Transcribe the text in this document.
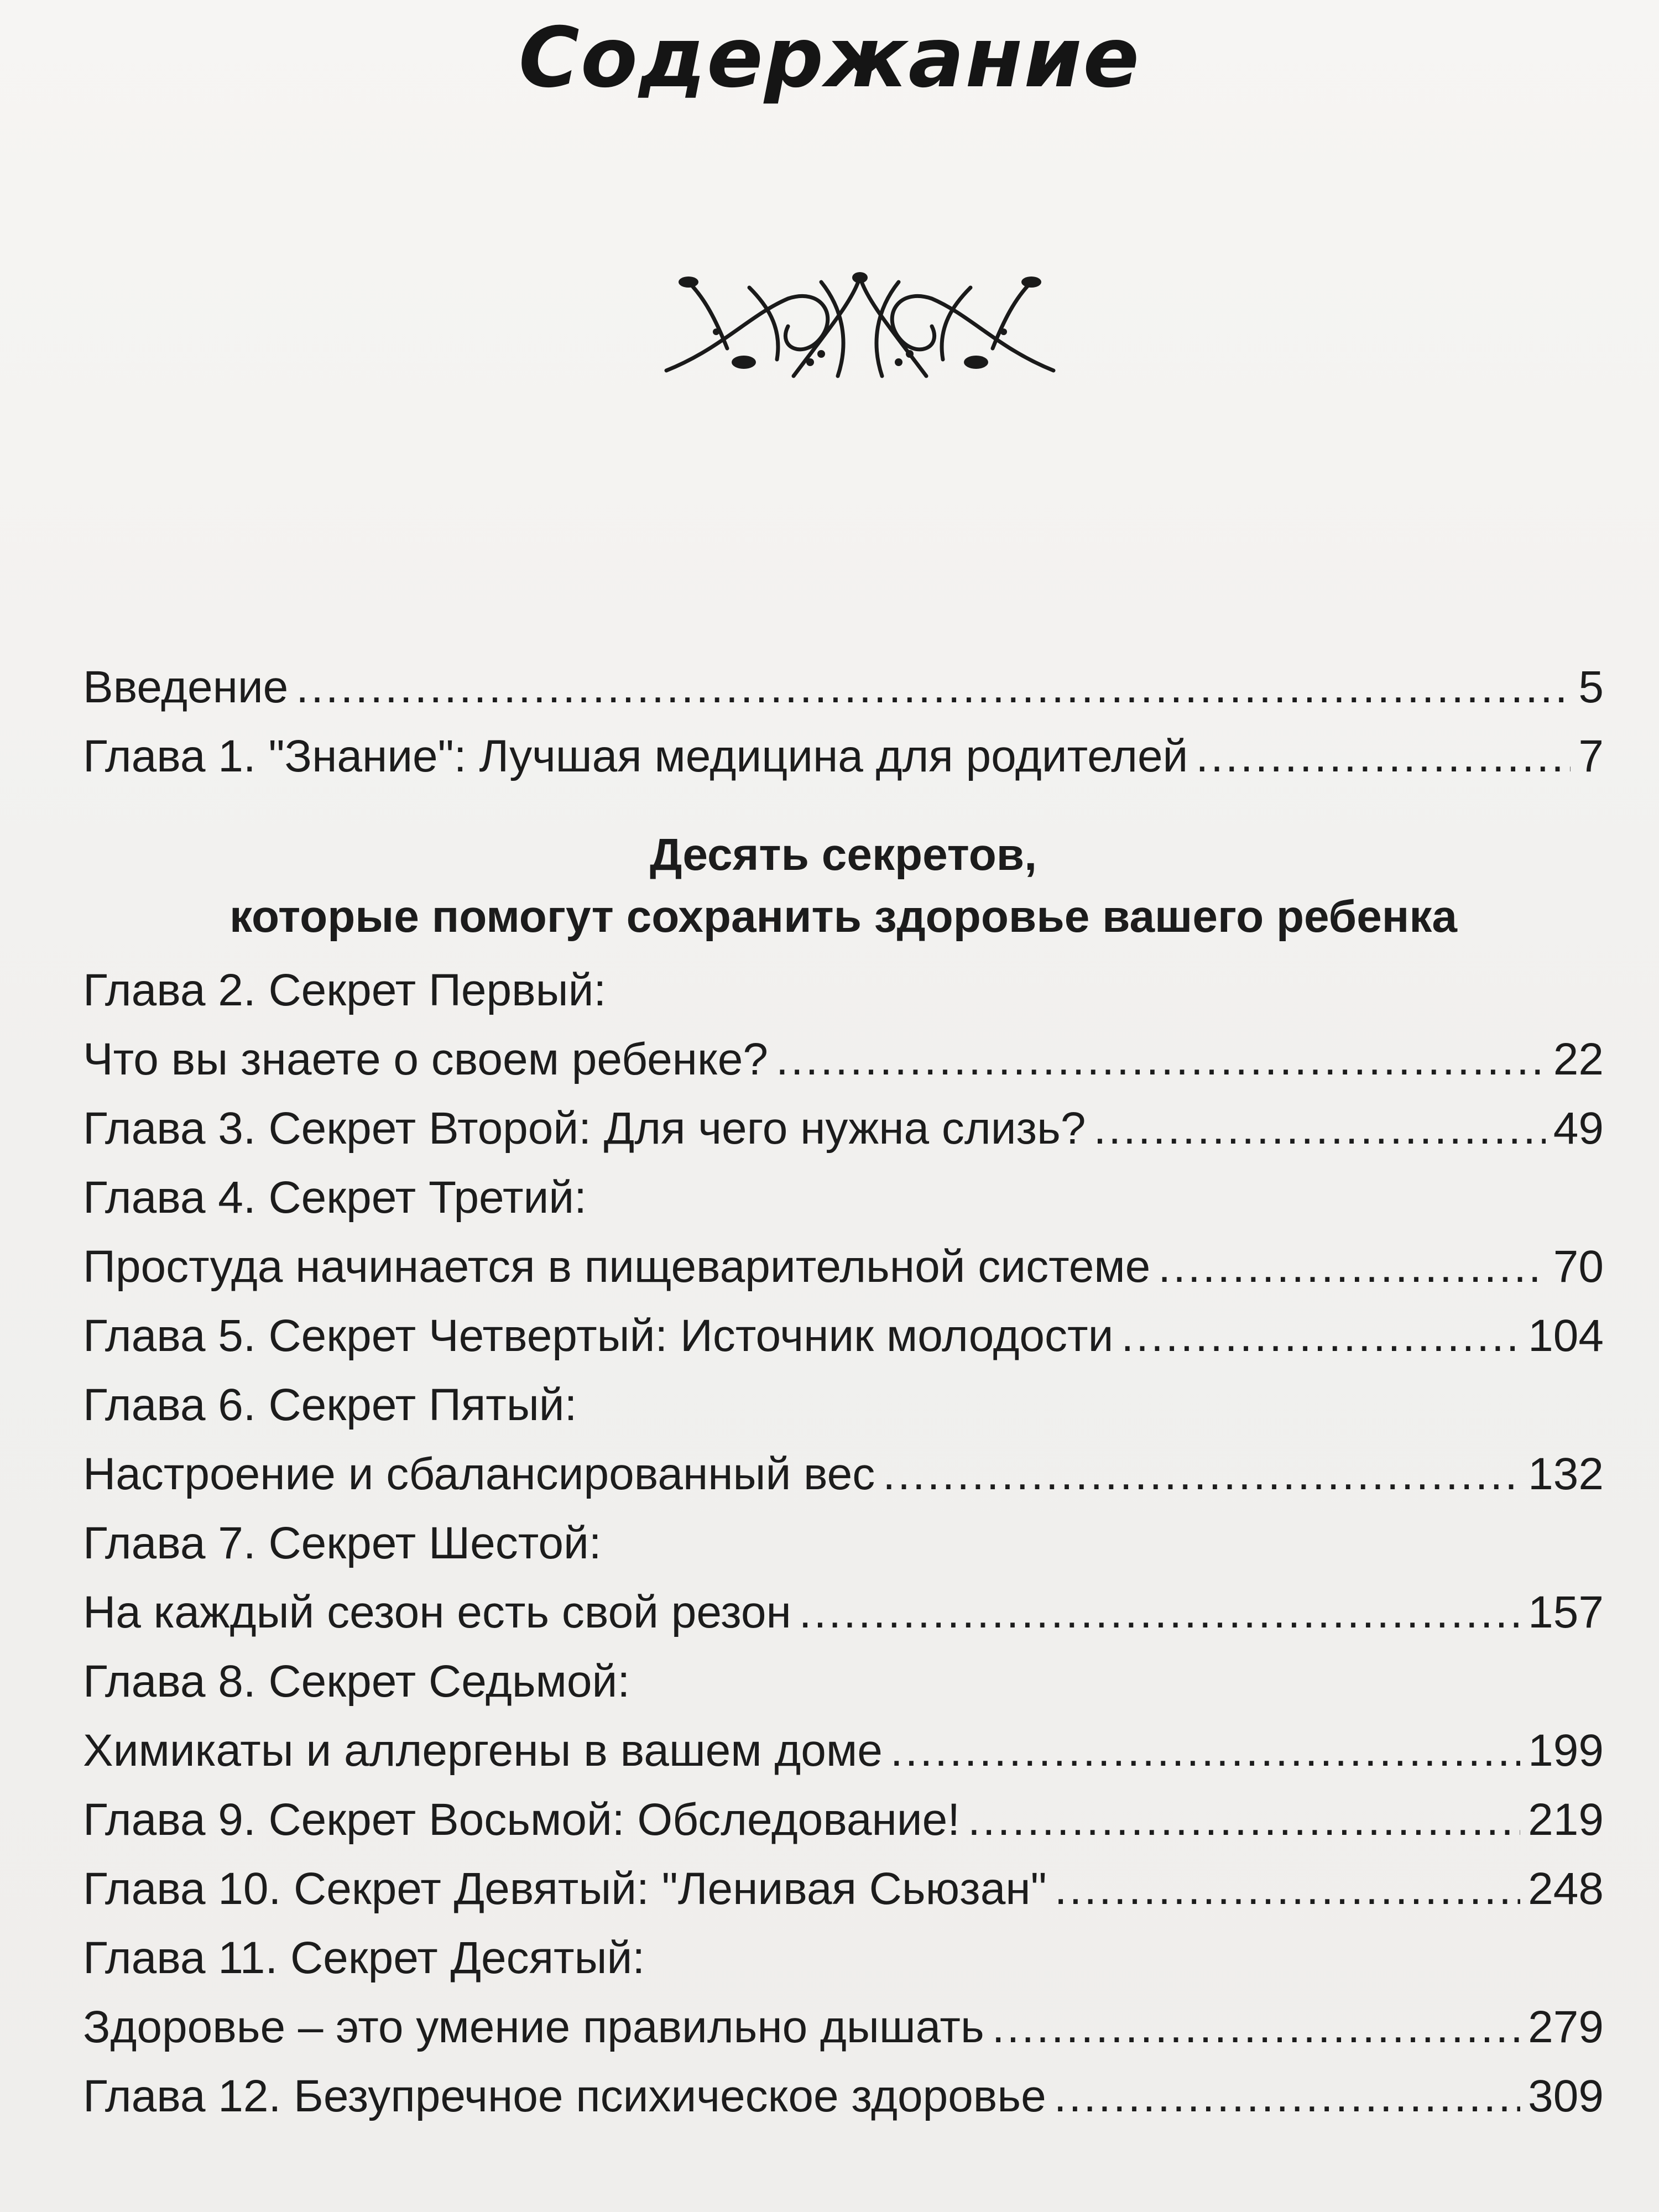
Содержание
Введение .....	5
Глава 1. "Знание": Лучшая медицина для родителей .....	7
Десять секретов,
которые помогут сохранить здоровье вашего ребенка
Глава 2. Секрет Первый:
Что вы знаете о своем ребенке? .....	22
Глава 3. Секрет Второй: Для чего нужна слизь? .....	49
Глава 4. Секрет Третий:
Простуда начинается в пищеварительной системе .....	70
Глава 5. Секрет Четвертый: Источник молодости .....	104
Глава 6. Секрет Пятый:
Настроение и сбалансированный вес .....	132
Глава 7. Секрет Шестой:
На каждый сезон есть свой резон .....	157
Глава 8. Секрет Седьмой:
Химикаты и аллергены в вашем доме .....	199
Глава 9. Секрет Восьмой: Обследование! .....	219
Глава 10. Секрет Девятый: "Ленивая Сьюзан" .....	248
Глава 11. Секрет Десятый:
Здоровье – это умение правильно дышать .....	279
Глава 12. Безупречное психическое здоровье .....	309
